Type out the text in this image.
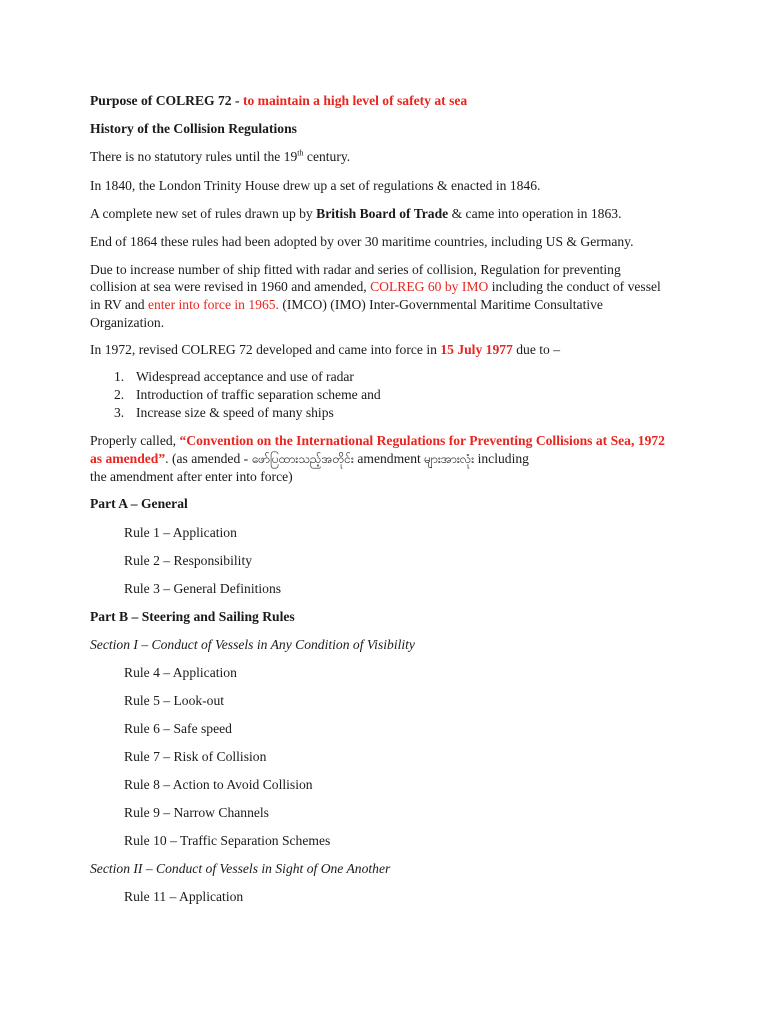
Purpose of COLREG 72 - to maintain a high level of safety at sea
History of the Collision Regulations
There is no statutory rules until the 19th century.
In 1840, the London Trinity House drew up a set of regulations & enacted in 1846.
A complete new set of rules drawn up by British Board of Trade & came into operation in 1863.
End of 1864 these rules had been adopted by over 30 maritime countries, including US & Germany.
Due to increase number of ship fitted with radar and series of collision, Regulation for preventing
collision at sea were revised in 1960 and amended, COLREG 60 by IMO including the conduct of vessel
in RV and enter into force in 1965. (IMCO) (IMO) Inter-Governmental Maritime Consultative
Organization.
In 1972, revised COLREG 72 developed and came into force in 15 July 1977 due to –
1. Widespread acceptance and use of radar
2. Introduction of traffic separation scheme and
3. Increase size & speed of many ships
Properly called, “Convention on the International Regulations for Preventing Collisions at Sea, 1972
as amended”. (as amended - ဖော်ပြထားသည့်အတိုင်း amendment များအားလုံး including
the amendment after enter into force)
Part A – General
Rule 1 – Application
Rule 2 – Responsibility
Rule 3 – General Definitions
Part B – Steering and Sailing Rules
Section I – Conduct of Vessels in Any Condition of Visibility
Rule 4 – Application
Rule 5 – Look-out
Rule 6 – Safe speed
Rule 7 – Risk of Collision
Rule 8 – Action to Avoid Collision
Rule 9 – Narrow Channels
Rule 10 – Traffic Separation Schemes
Section II – Conduct of Vessels in Sight of One Another
Rule 11 – Application
